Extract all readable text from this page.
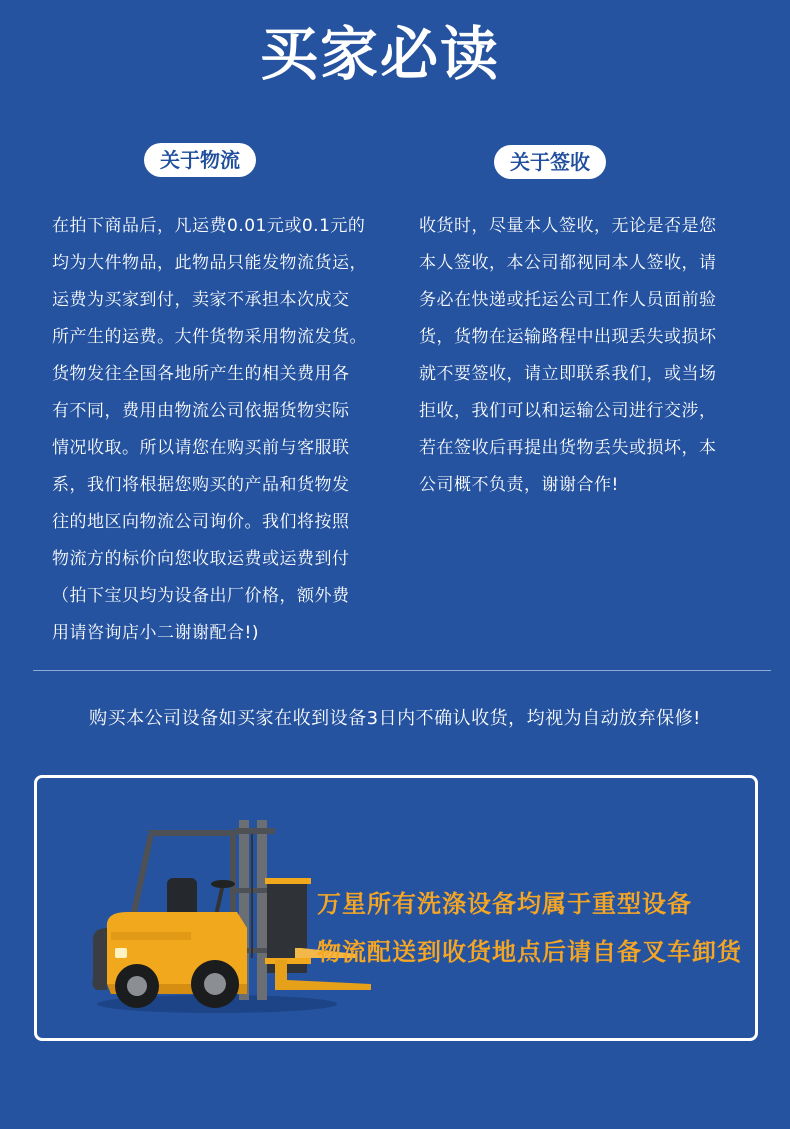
买家必读
关于物流	关于签收

在拍下商品后，凡运费0.01元或0.1元的

均为大件物品，此物品只能发物流货运，

运费为买家到付，卖家不承担本次成交

所产生的运费。大件货物采用物流发货。

货物发往全国各地所产生的相关费用各

有不同，费用由物流公司依据货物实际

情况收取。所以请您在购买前与客服联

系，我们将根据您购买的产品和货物发

往的地区向物流公司询价。我们将按照

物流方的标价向您收取运费或运费到付

（拍下宝贝均为设备出厂价格，额外费

用请咨询店小二谢谢配合!)

收货时，尽量本人签收，无论是否是您

本人签收，本公司都视同本人签收，请

务必在快递或托运公司工作人员面前验

货，货物在运输路程中出现丢失或损坏

就不要签收，请立即联系我们，或当场

拒收，我们可以和运输公司进行交涉，

若在签收后再提出货物丢失或损坏，本

公司概不负责，谢谢合作!

购买本公司设备如买家在收到设备3日内不确认收货，均视为自动放弃保修!
万星所有洗涤设备均属于重型设备
物流配送到收货地点后请自备叉车卸货
